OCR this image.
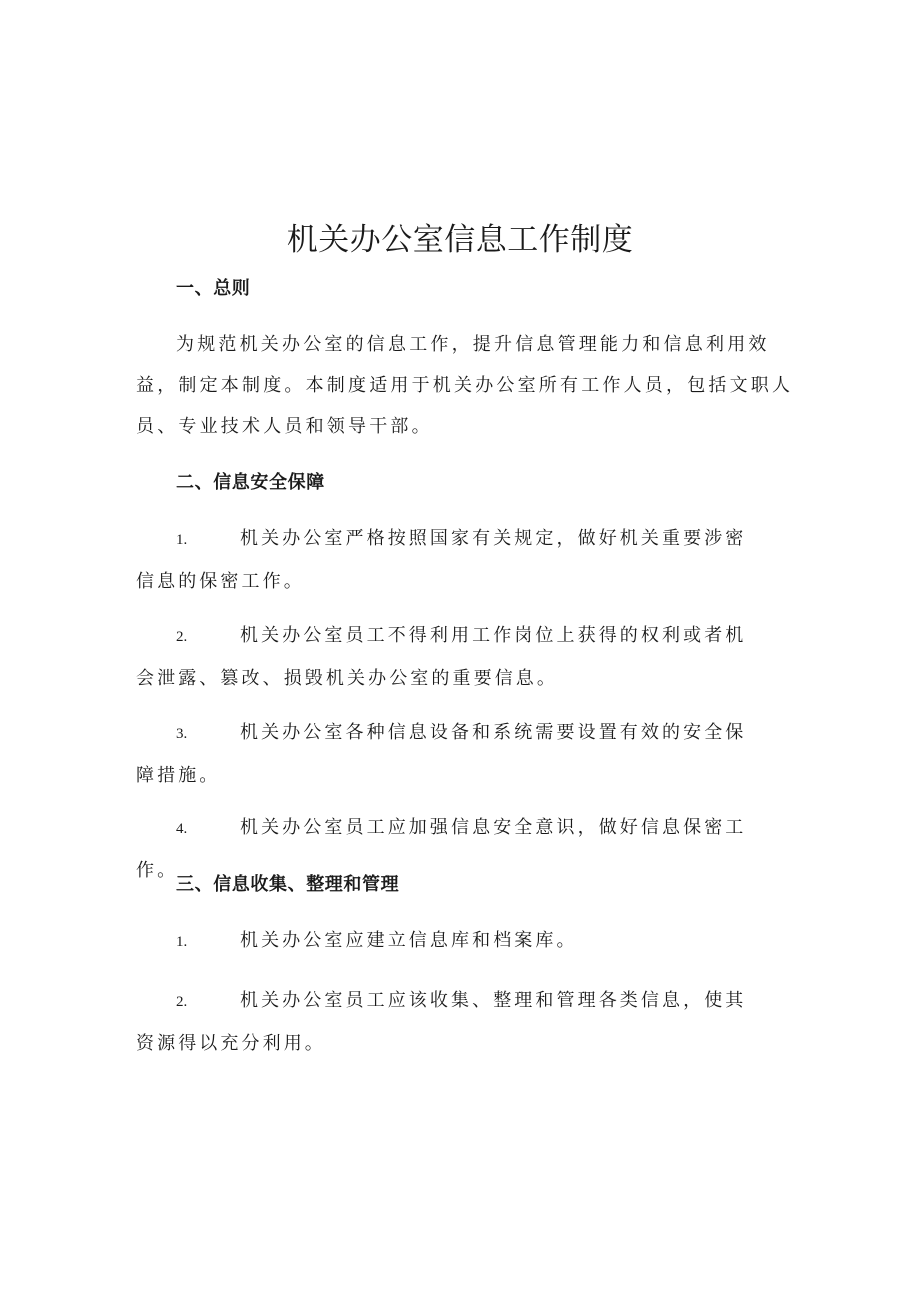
机关办公室信息工作制度
一、总则
为规范机关办公室的信息工作，提升信息管理能力和信息利用效益，制定本制度。本制度适用于机关办公室所有工作人员，包括文职人员、专业技术人员和领导干部。
二、信息安全保障
1.	机关办公室严格按照国家有关规定，做好机关重要涉密信息的保密工作。
2.	机关办公室员工不得利用工作岗位上获得的权利或者机会泄露、篡改、损毁机关办公室的重要信息。
3.	机关办公室各种信息设备和系统需要设置有效的安全保障措施。
4.	机关办公室员工应加强信息安全意识，做好信息保密工作。
三、信息收集、整理和管理
1.	机关办公室应建立信息库和档案库。
2.	机关办公室员工应该收集、整理和管理各类信息，使其资源得以充分利用。
